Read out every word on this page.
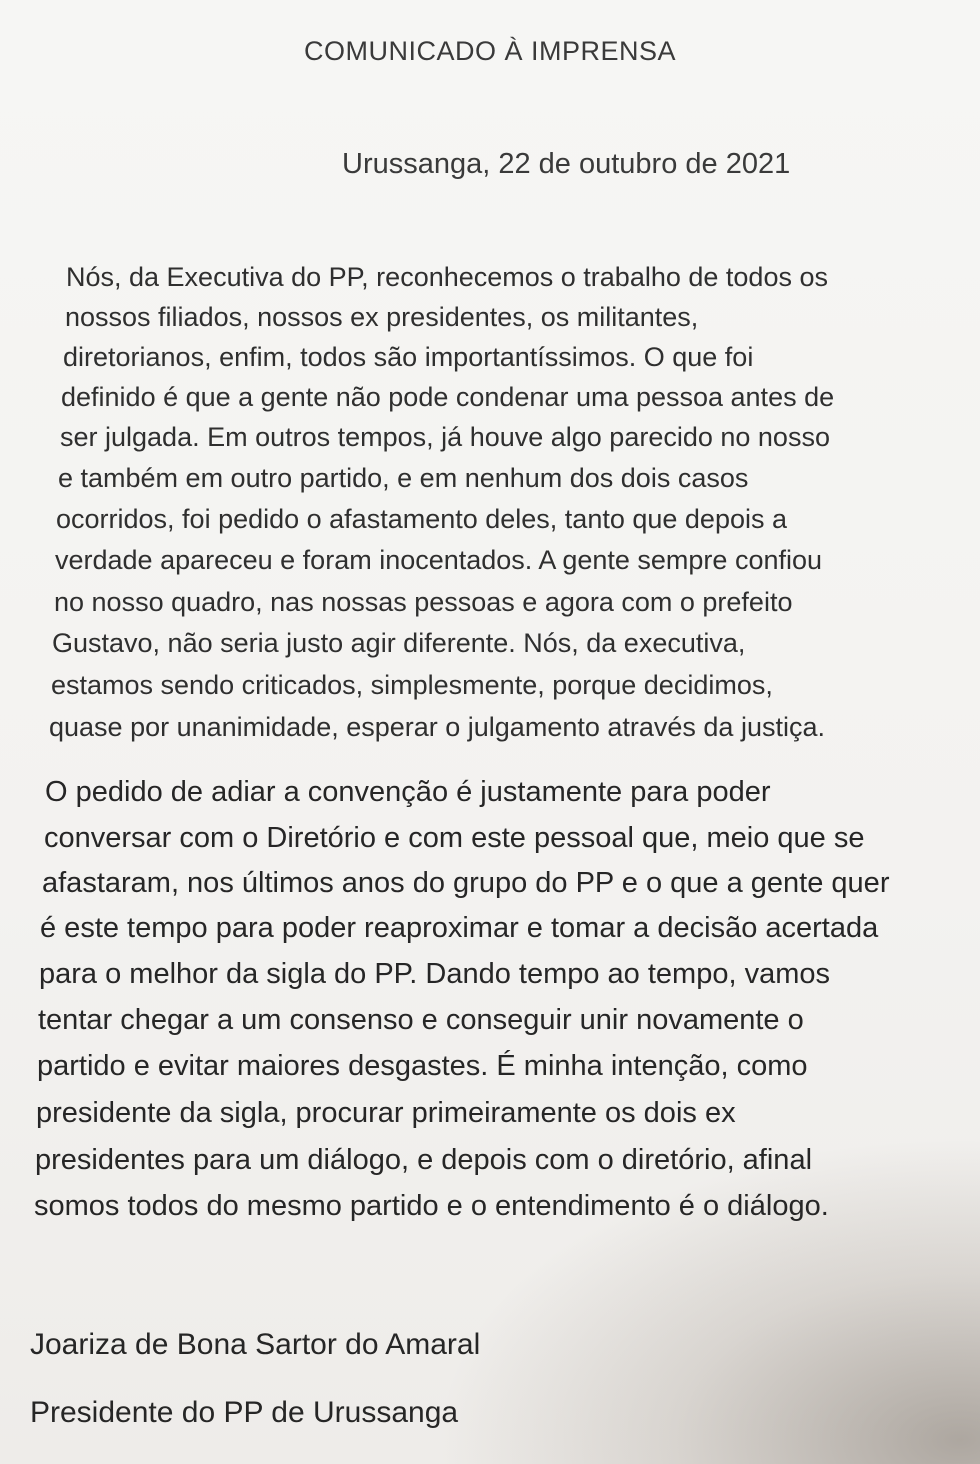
COMUNICADO À IMPRENSA
Urussanga, 22 de outubro de 2021
Nós, da Executiva do PP, reconhecemos o trabalho de todos os
nossos filiados, nossos ex presidentes, os militantes,
diretorianos, enfim, todos são importantíssimos. O que foi
definido é que a gente não pode condenar uma pessoa antes de
ser julgada. Em outros tempos, já houve algo parecido no nosso
e também em outro partido, e em nenhum dos dois casos
ocorridos, foi pedido o afastamento deles, tanto que depois a
verdade apareceu e foram inocentados. A gente sempre confiou
no nosso quadro, nas nossas pessoas e agora com o prefeito
Gustavo, não seria justo agir diferente. Nós, da executiva,
estamos sendo criticados, simplesmente, porque decidimos,
quase por unanimidade, esperar o julgamento através da justiça.
O pedido de adiar a convenção é justamente para poder
conversar com o Diretório e com este pessoal que, meio que se
afastaram, nos últimos anos do grupo do PP e o que a gente quer
é este tempo para poder reaproximar e tomar a decisão acertada
para o melhor da sigla do PP. Dando tempo ao tempo, vamos
tentar chegar a um consenso e conseguir unir novamente o
partido e evitar maiores desgastes. É minha intenção, como
presidente da sigla, procurar primeiramente os dois ex
presidentes para um diálogo, e depois com o diretório, afinal
somos todos do mesmo partido e o entendimento é o diálogo.
Joariza de Bona Sartor do Amaral
Presidente do PP de Urussanga
